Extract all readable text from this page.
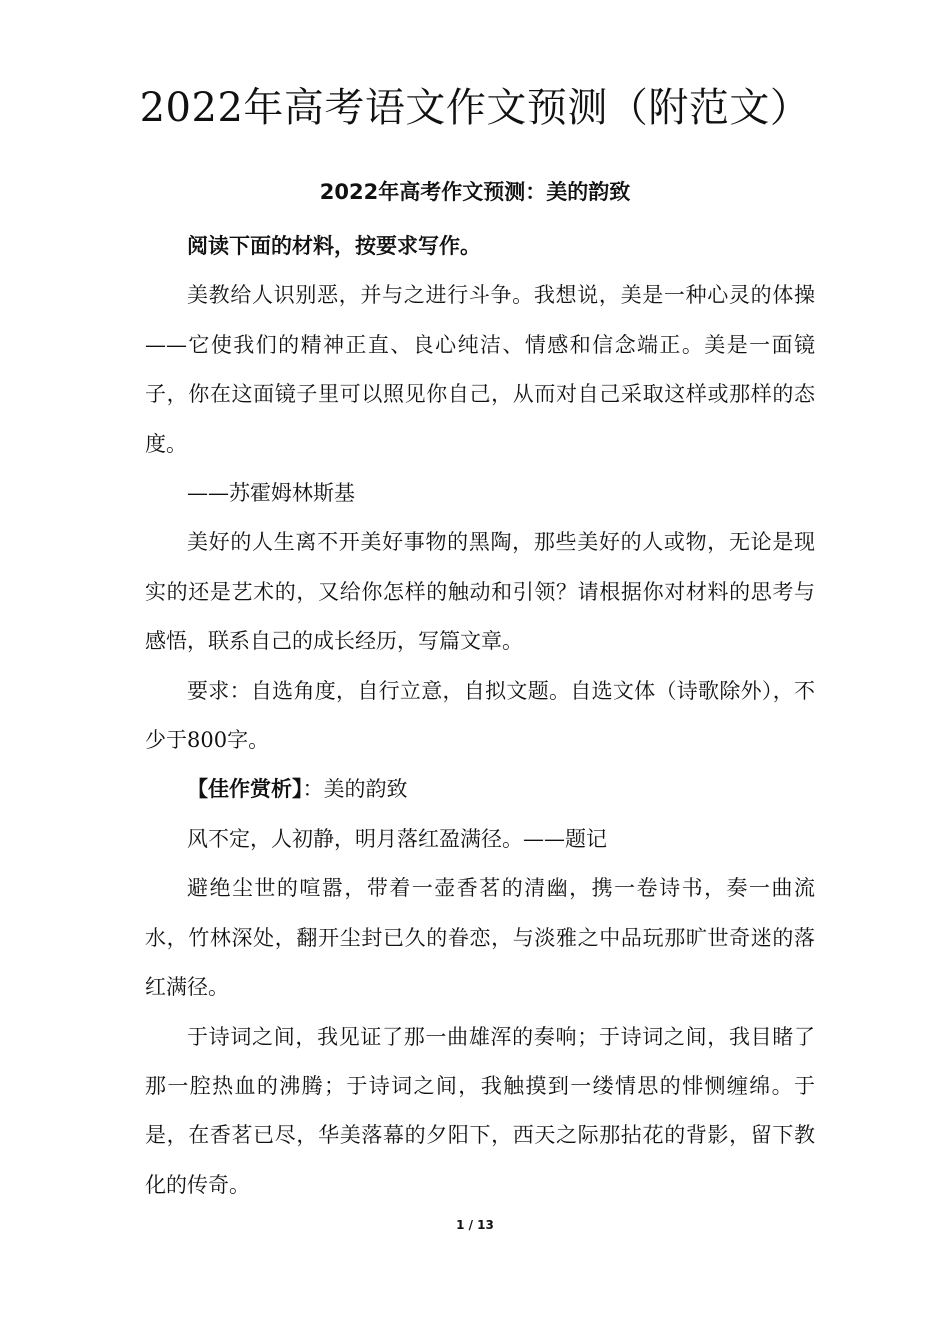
2022年高考语文作文预测（附范文）
2022年高考作文预测：美的韵致

阅读下面的材料，按要求写作。

美教给人识别恶，并与之进行斗争。我想说，美是一种心灵的体操——它使我们的精神正直、良心纯洁、情感和信念端正。美是一面镜子，你在这面镜子里可以照见你自己，从而对自己采取这样或那样的态度。

——苏霍姆林斯基

美好的人生离不开美好事物的黑陶，那些美好的人或物，无论是现实的还是艺术的，又给你怎样的触动和引领？请根据你对材料的思考与感悟，联系自己的成长经历，写篇文章。

要求：自选角度，自行立意，自拟文题。自选文体（诗歌除外），不少于800字。

【佳作赏析】：美的韵致

风不定，人初静，明月落红盈满径。——题记

避绝尘世的喧嚣，带着一壶香茗的清幽，携一卷诗书，奏一曲流水，竹林深处，翻开尘封已久的眷恋，与淡雅之中品玩那旷世奇迷的落红满径。

于诗词之间，我见证了那一曲雄浑的奏响；于诗词之间，我目睹了那一腔热血的沸腾；于诗词之间，我触摸到一缕情思的悱恻缠绵。于是，在香茗已尽，华美落幕的夕阳下，西天之际那拈花的背影，留下教化的传奇。

1 / 13
